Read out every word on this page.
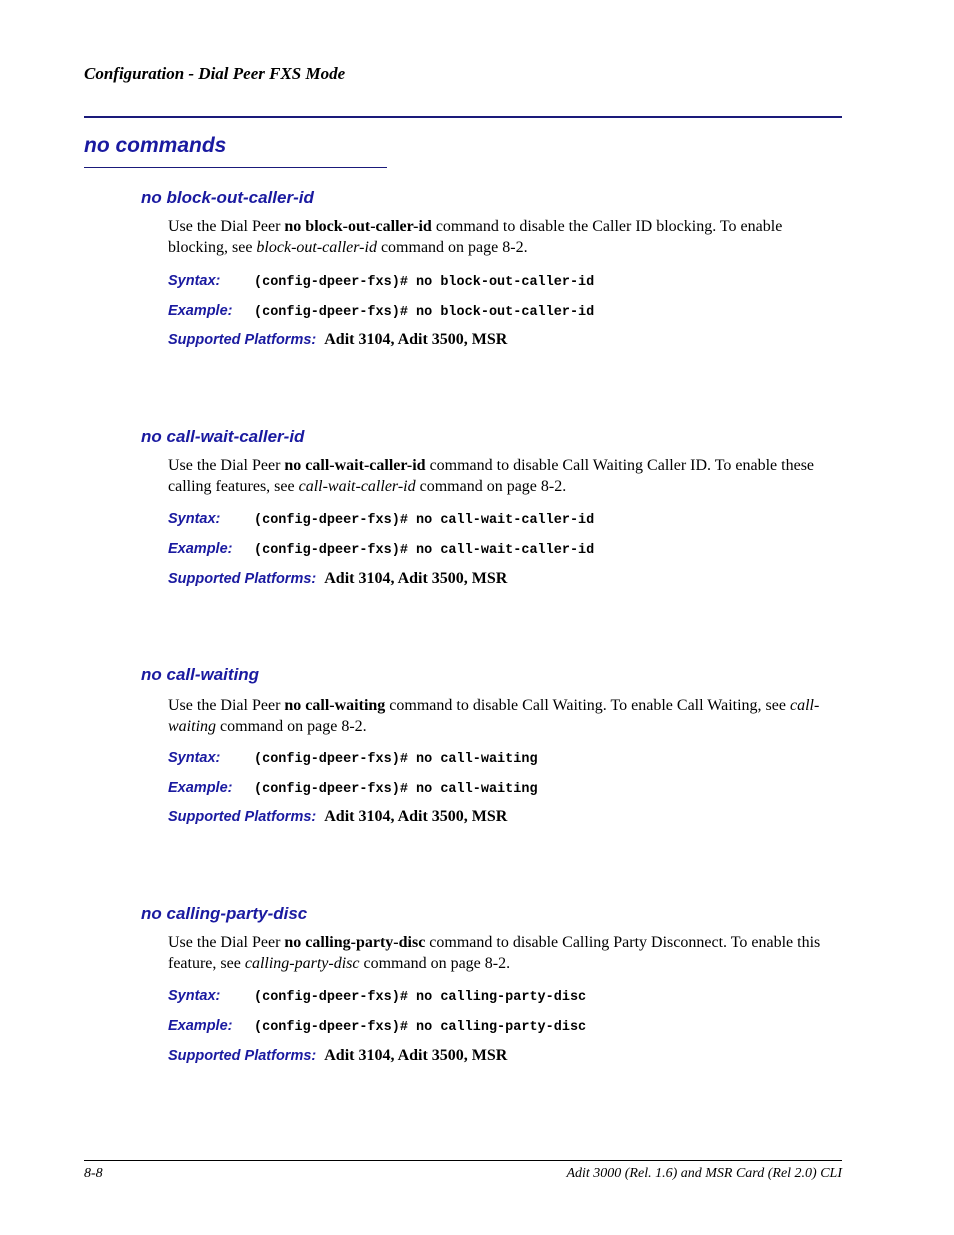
Configuration - Dial Peer FXS Mode
no commands
no block-out-caller-id
Use the Dial Peer no block-out-caller-id command to disable the Caller ID blocking. To enable blocking, see block-out-caller-id command on page 8-2.
Syntax: (config-dpeer-fxs)# no block-out-caller-id
Example: (config-dpeer-fxs)# no block-out-caller-id
Supported Platforms: Adit 3104, Adit 3500, MSR
no call-wait-caller-id
Use the Dial Peer no call-wait-caller-id command to disable Call Waiting Caller ID. To enable these calling features, see call-wait-caller-id command on page 8-2.
Syntax: (config-dpeer-fxs)# no call-wait-caller-id
Example: (config-dpeer-fxs)# no call-wait-caller-id
Supported Platforms: Adit 3104, Adit 3500, MSR
no call-waiting
Use the Dial Peer no call-waiting command to disable Call Waiting. To enable Call Waiting, see call-waiting command on page 8-2.
Syntax: (config-dpeer-fxs)# no call-waiting
Example: (config-dpeer-fxs)# no call-waiting
Supported Platforms: Adit 3104, Adit 3500, MSR
no calling-party-disc
Use the Dial Peer no calling-party-disc command to disable Calling Party Disconnect. To enable this feature, see calling-party-disc command on page 8-2.
Syntax: (config-dpeer-fxs)# no calling-party-disc
Example: (config-dpeer-fxs)# no calling-party-disc
Supported Platforms: Adit 3104, Adit 3500, MSR
8-8	Adit 3000 (Rel. 1.6) and MSR Card (Rel 2.0) CLI
